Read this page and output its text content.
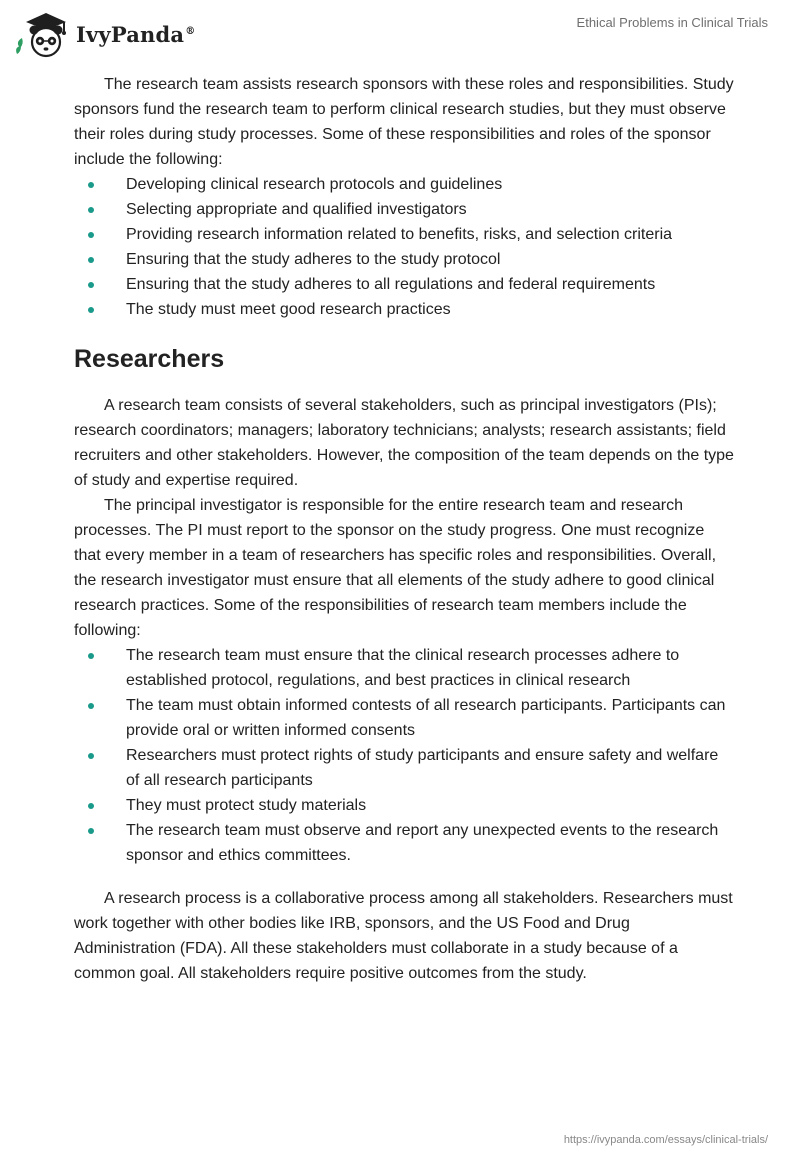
IvyPanda®
Ethical Problems in Clinical Trials

The research team assists research sponsors with these roles and responsibilities. Study sponsors fund the research team to perform clinical research studies, but they must observe their roles during study processes. Some of these responsibilities and roles of the sponsor include the following:

Developing clinical research protocols and guidelines
Selecting appropriate and qualified investigators
Providing research information related to benefits, risks, and selection criteria
Ensuring that the study adheres to the study protocol
Ensuring that the study adheres to all regulations and federal requirements
The study must meet good research practices
Researchers

A research team consists of several stakeholders, such as principal investigators (PIs); research coordinators; managers; laboratory technicians; analysts; research assistants; field recruiters and other stakeholders. However, the composition of the team depends on the type of study and expertise required.

The principal investigator is responsible for the entire research team and research processes. The PI must report to the sponsor on the study progress. One must recognize that every member in a team of researchers has specific roles and responsibilities. Overall, the research investigator must ensure that all elements of the study adhere to good clinical research practices. Some of the responsibilities of research team members include the following:

The research team must ensure that the clinical research processes adhere to established protocol, regulations, and best practices in clinical research
The team must obtain informed contests of all research participants. Participants can provide oral or written informed consents
Researchers must protect rights of study participants and ensure safety and welfare of all research participants
They must protect study materials
The research team must observe and report any unexpected events to the research sponsor and ethics committees.

A research process is a collaborative process among all stakeholders. Researchers must work together with other bodies like IRB, sponsors, and the US Food and Drug Administration (FDA). All these stakeholders must collaborate in a study because of a common goal. All stakeholders require positive outcomes from the study.

https://ivypanda.com/essays/clinical-trials/
